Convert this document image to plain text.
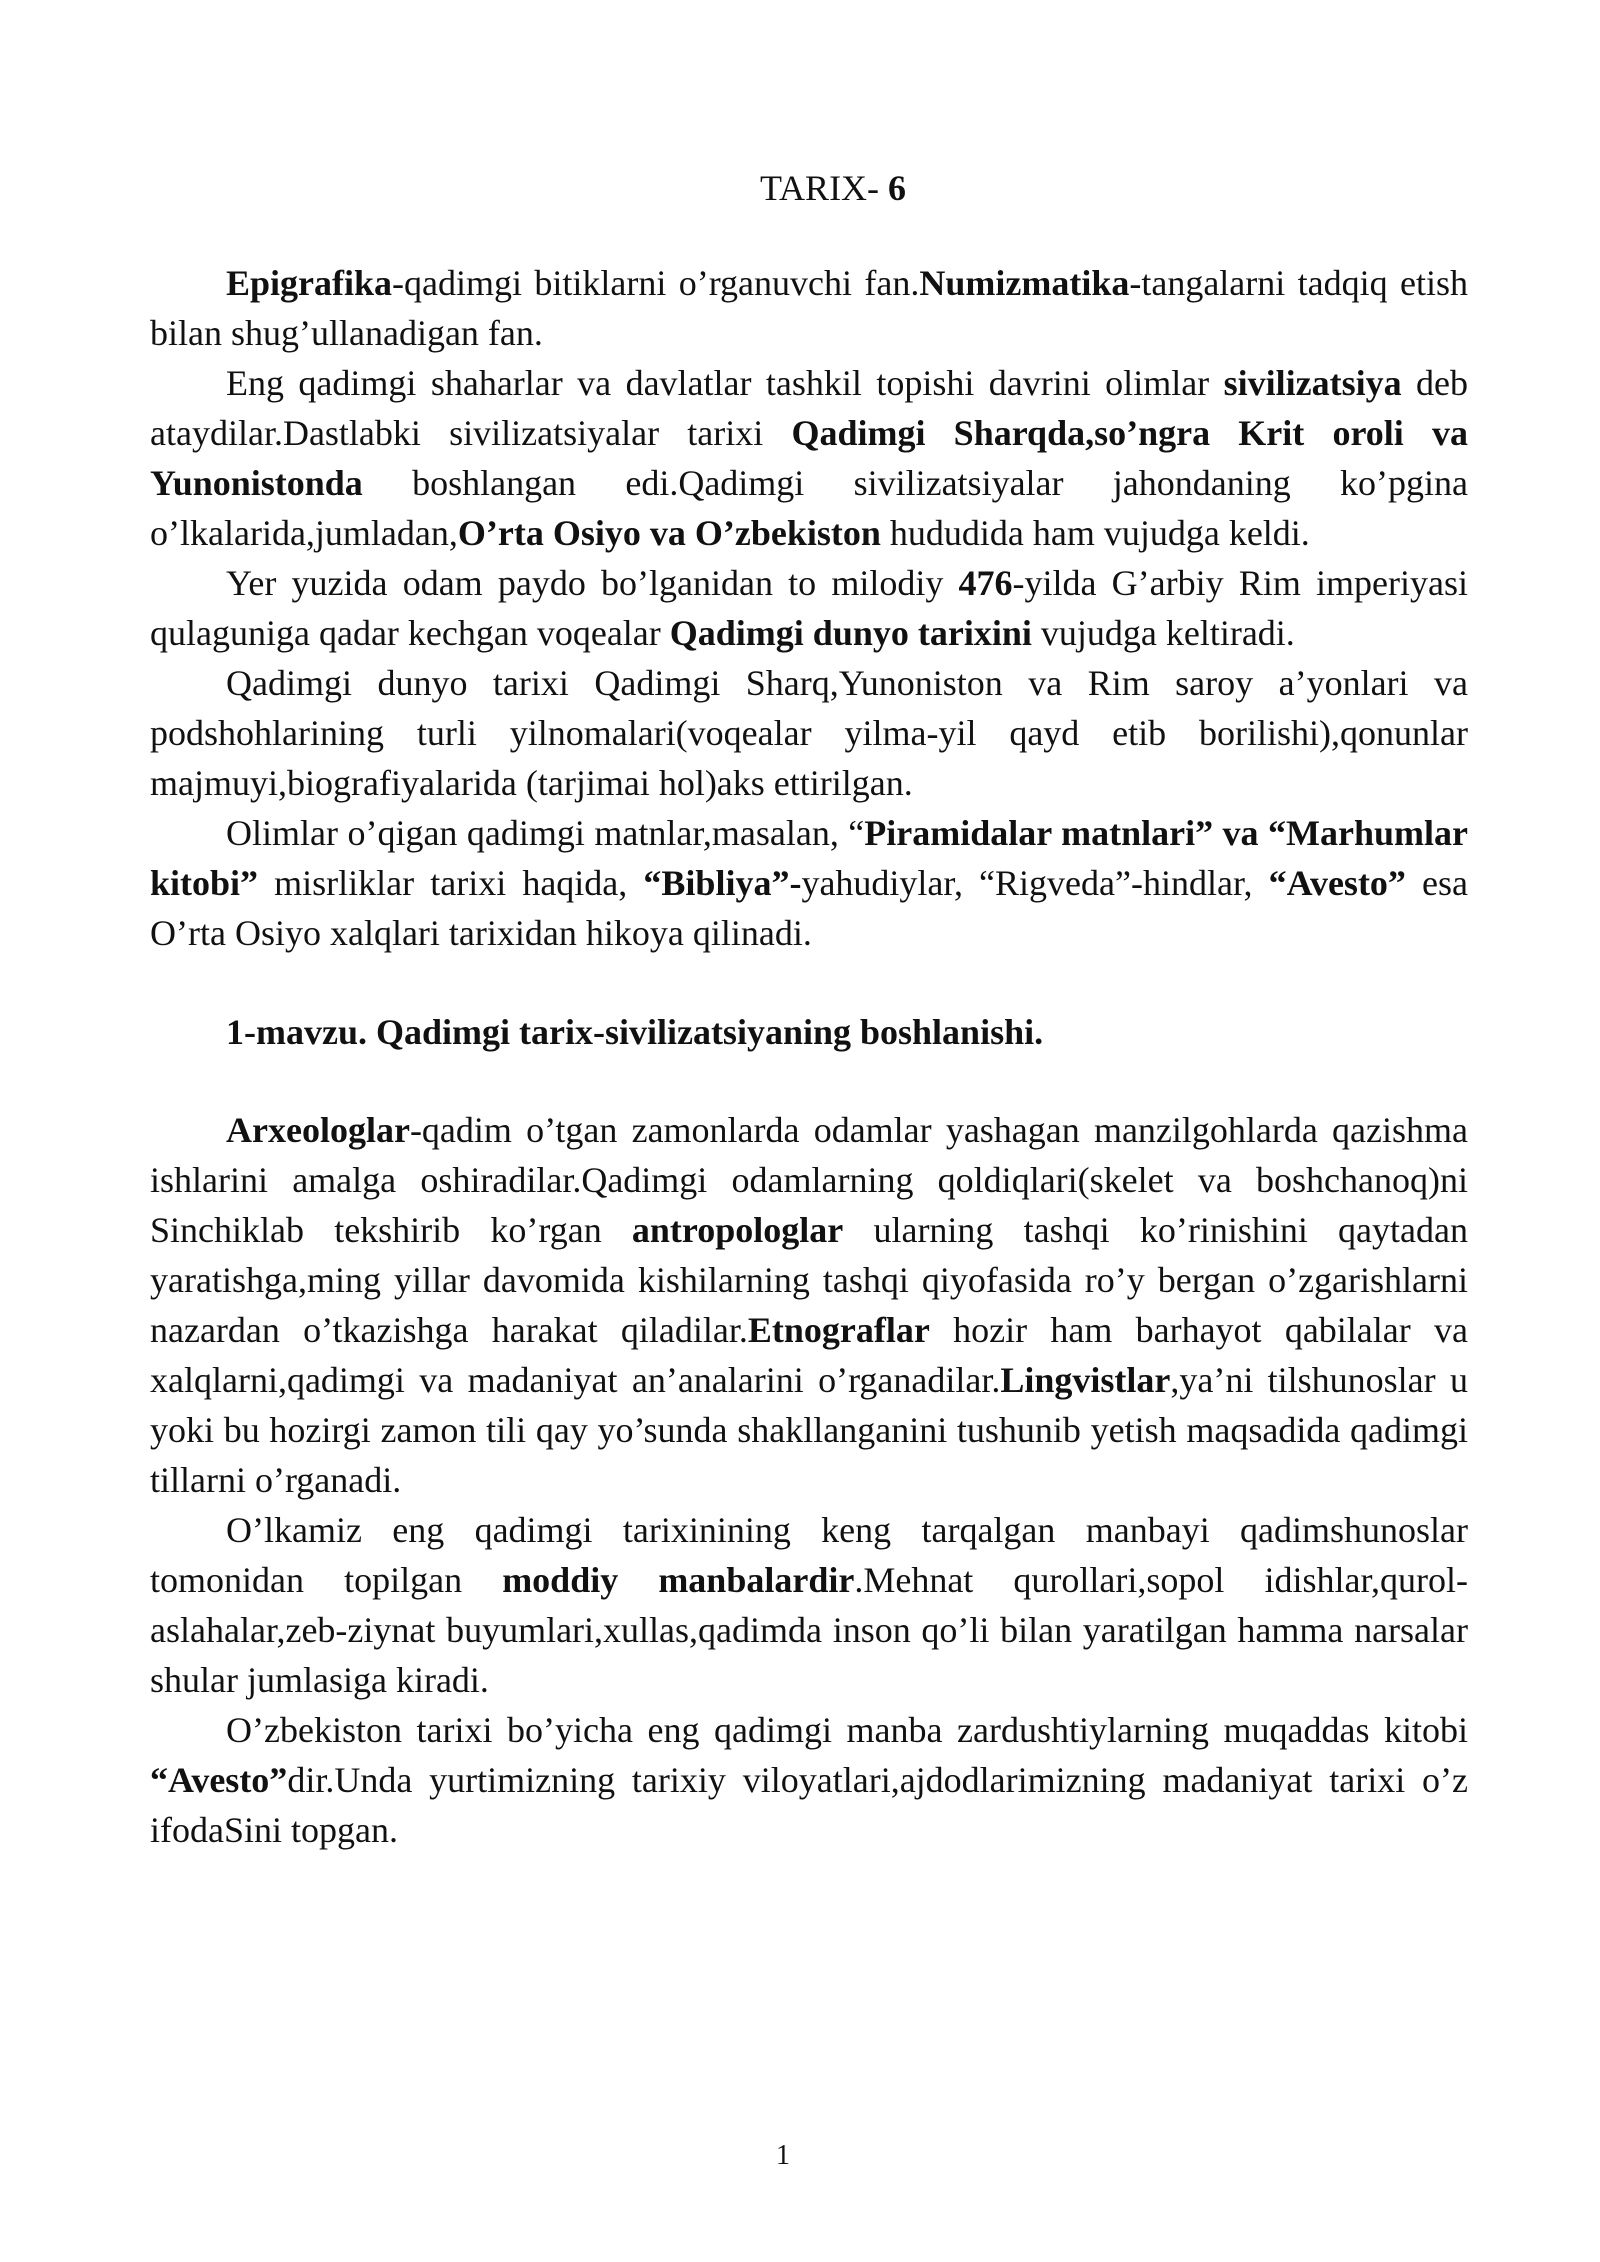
TARIX- 6

Epigrafika-qadimgi bitiklarni o’rganuvchi fan.Numizmatika-tangalarni tadqiq etish bilan shug’ullanadigan fan.

Eng qadimgi shaharlar va davlatlar tashkil topishi davrini olimlar sivilizatsiya deb ataydilar.Dastlabki sivilizatsiyalar tarixi Qadimgi Sharqda,so’ngra Krit oroli va Yunonistonda boshlangan edi.Qadimgi sivilizatsiyalar jahondaning ko’pgina o’lkalarida,jumladan,O’rta Osiyo va O’zbekiston hududida ham vujudga keldi.

Yer yuzida odam paydo bo’lganidan to milodiy 476-yilda G’arbiy Rim imperiyasi qulaguniga qadar kechgan voqealar Qadimgi dunyo tarixini vujudga keltiradi.

Qadimgi dunyo tarixi Qadimgi Sharq,Yunoniston va Rim saroy a’yonlari va podshohlarining turli yilnomalari(voqealar yilma-yil qayd etib borilishi),qonunlar majmuyi,biografiyalarida (tarjimai hol)aks ettirilgan.

Olimlar o’qigan qadimgi matnlar,masalan, “Piramidalar matnlari” va “Marhumlar kitobi” misrliklar tarixi haqida, “Bibliya”-yahudiylar, “Rigveda”-hindlar, “Avesto” esa O’rta Osiyo xalqlari tarixidan hikoya qilinadi.

1-mavzu. Qadimgi tarix-sivilizatsiyaning boshlanishi.

Arxeologlar-qadim o’tgan zamonlarda odamlar yashagan manzilgohlarda qazishma ishlarini amalga oshiradilar.Qadimgi odamlarning qoldiqlari(skelet va boshchanoq)ni Sinchiklab tekshirib ko’rgan antropologlar ularning tashqi ko’rinishini qaytadan yaratishga,ming yillar davomida kishilarning tashqi qiyofasida ro’y bergan o’zgarishlarni nazardan o’tkazishga harakat qiladilar.Etnograflar hozir ham barhayot qabilalar va xalqlarni,qadimgi va madaniyat an’analarini o’rganadilar.Lingvistlar,ya’ni tilshunoslar u yoki bu hozirgi zamon tili qay yo’sunda shakllanganini tushunib yetish maqsadida qadimgi tillarni o’rganadi.

O’lkamiz eng qadimgi tarixinining keng tarqalgan manbayi qadimshunoslar tomonidan topilgan moddiy manbalardir.Mehnat qurollari,sopol idishlar,qurol-aslahalar,zeb-ziynat buyumlari,xullas,qadimda inson qo’li bilan yaratilgan hamma narsalar shular jumlasiga kiradi.

O’zbekiston tarixi bo’yicha eng qadimgi manba zardushtiylarning muqaddas kitobi “Avesto”dir.Unda yurtimizning tarixiy viloyatlari,ajdodlarimizning madaniyat tarixi o’z ifodaSini topgan.

1
